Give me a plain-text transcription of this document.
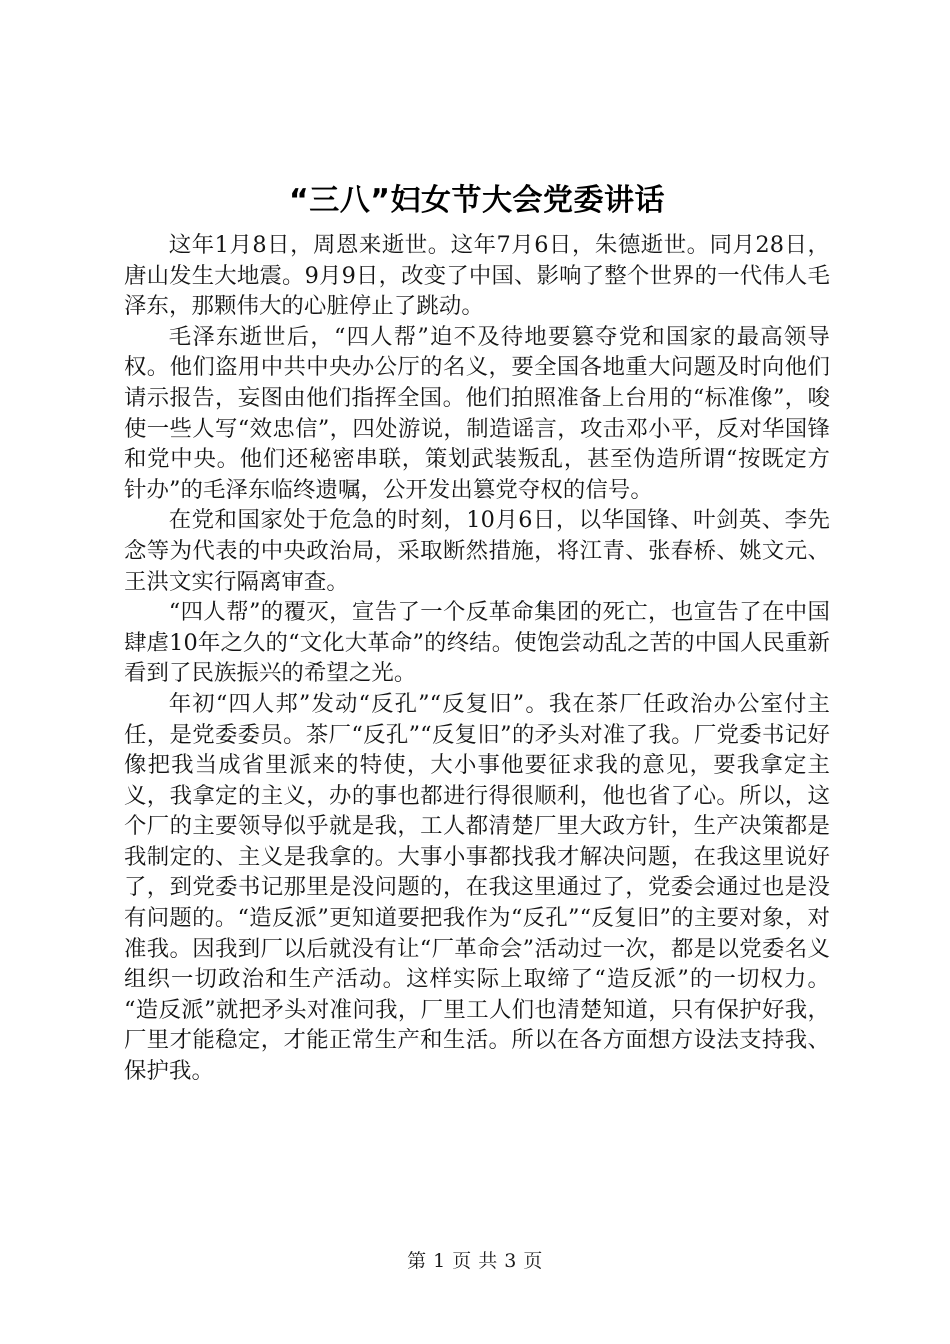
“三八”妇女节大会党委讲话

这年1月8日，周恩来逝世。这年7月6日，朱德逝世。同月28日，唐山发生大地震。9月9日，改变了中国、影响了整个世界的一代伟人毛泽东，那颗伟大的心脏停止了跳动。

毛泽东逝世后，“四人帮”迫不及待地要篡夺党和国家的最高领导权。他们盗用中共中央办公厅的名义，要全国各地重大问题及时向他们请示报告，妄图由他们指挥全国。他们拍照准备上台用的“标准像”，唆使一些人写“效忠信”，四处游说，制造谣言，攻击邓小平，反对华国锋和党中央。他们还秘密串联，策划武装叛乱，甚至伪造所谓“按既定方针办”的毛泽东临终遗嘱，公开发出篡党夺权的信号。

在党和国家处于危急的时刻，10月6日，以华国锋、叶剑英、李先念等为代表的中央政治局，采取断然措施，将江青、张春桥、姚文元、王洪文实行隔离审查。

“四人帮”的覆灭，宣告了一个反革命集团的死亡，也宣告了在中国肆虐10年之久的“文化大革命”的终结。使饱尝动乱之苦的中国人民重新看到了民族振兴的希望之光。

年初“四人邦”发动“反孔”“反复旧”。我在茶厂任政治办公室付主任，是党委委员。茶厂“反孔”“反复旧”的矛头对准了我。厂党委书记好像把我当成省里派来的特使，大小事他要征求我的意见，要我拿定主义，我拿定的主义，办的事也都进行得很顺利，他也省了心。所以，这个厂的主要领导似乎就是我，工人都清楚厂里大政方针，生产决策都是我制定的、主义是我拿的。大事小事都找我才解决问题，在我这里说好了，到党委书记那里是没问题的，在我这里通过了，党委会通过也是没有问题的。“造反派”更知道要把我作为“反孔”“反复旧”的主要对象，对准我。因我到厂以后就没有让“厂革命会”活动过一次，都是以党委名义组织一切政治和生产活动。这样实际上取缔了“造反派”的一切权力。“造反派”就把矛头对准问我，厂里工人们也清楚知道，只有保护好我，厂里才能稳定，才能正常生产和生活。所以在各方面想方设法支持我、保护我。

第 1 页 共 3 页
